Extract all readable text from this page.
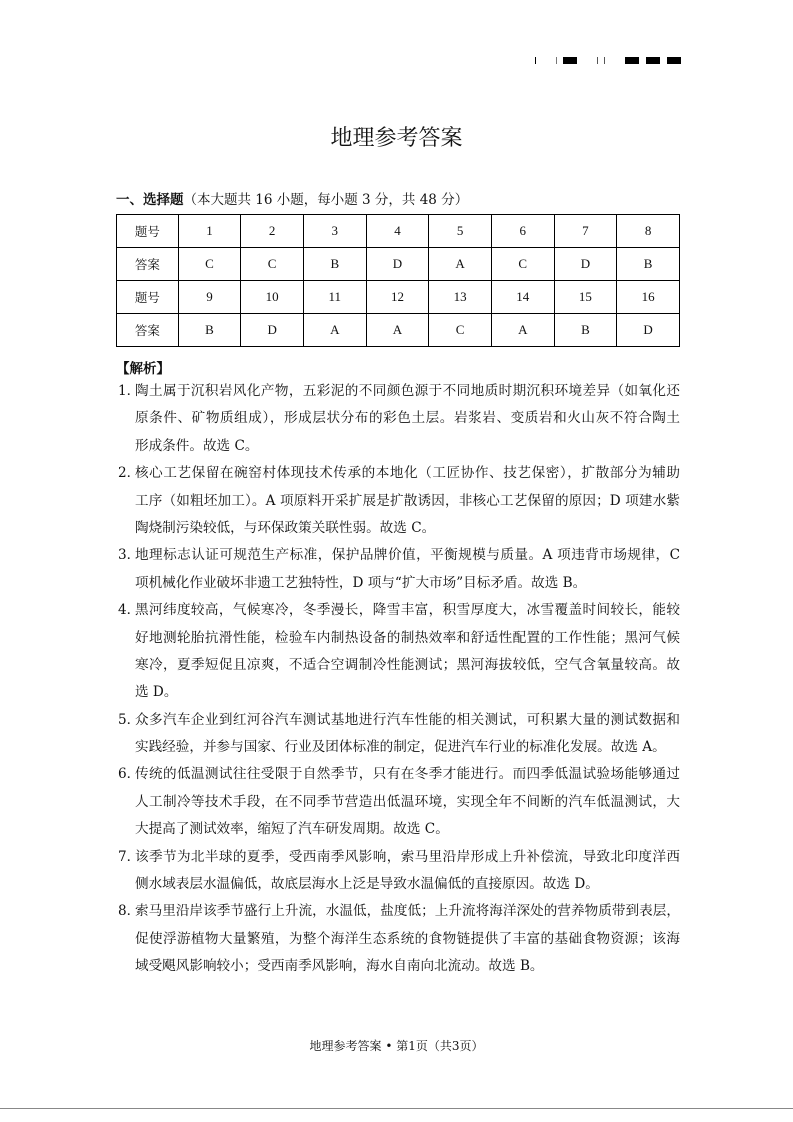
地理参考答案
一、选择题（本大题共 16 小题，每小题 3 分，共 48 分）
题号	1	2	3	4	5	6	7	8
答案	C	C	B	D	A	C	D	B
题号	9	10	11	12	13	14	15	16
答案	B	D	A	A	C	A	B	D
【解析】
1．
陶土属于沉积岩风化产物，五彩泥的不同颜色源于不同地质时期沉积环境差异（如氧化还
原条件、矿物质组成），形成层状分布的彩色土层。岩浆岩、变质岩和火山灰不符合陶土
形成条件。故选 C。
2．
核心工艺保留在碗窑村体现技术传承的本地化（工匠协作、技艺保密），扩散部分为辅助
工序（如粗坯加工）。A 项原料开采扩展是扩散诱因，非核心工艺保留的原因；D 项建水紫
陶烧制污染较低，与环保政策关联性弱。故选 C。
3．
地理标志认证可规范生产标准，保护品牌价值，平衡规模与质量。A 项违背市场规律，C
项机械化作业破坏非遗工艺独特性，D 项与“扩大市场”目标矛盾。故选 B。
4．
黑河纬度较高，气候寒冷，冬季漫长，降雪丰富，积雪厚度大，冰雪覆盖时间较长，能较
好地测轮胎抗滑性能，检验车内制热设备的制热效率和舒适性配置的工作性能；黑河气候
寒冷，夏季短促且凉爽，不适合空调制冷性能测试；黑河海拔较低，空气含氧量较高。故
选 D。
5．
众多汽车企业到红河谷汽车测试基地进行汽车性能的相关测试，可积累大量的测试数据和
实践经验，并参与国家、行业及团体标准的制定，促进汽车行业的标准化发展。故选 A。
6．
传统的低温测试往往受限于自然季节，只有在冬季才能进行。而四季低温试验场能够通过
人工制冷等技术手段，在不同季节营造出低温环境，实现全年不间断的汽车低温测试，大
大提高了测试效率，缩短了汽车研发周期。故选 C。
7．
该季节为北半球的夏季，受西南季风影响，索马里沿岸形成上升补偿流，导致北印度洋西
侧水域表层水温偏低，故底层海水上泛是导致水温偏低的直接原因。故选 D。
8．
索马里沿岸该季节盛行上升流，水温低，盐度低；上升流将海洋深处的营养物质带到表层，
促使浮游植物大量繁殖，为整个海洋生态系统的食物链提供了丰富的基础食物资源；该海
域受飓风影响较小；受西南季风影响，海水自南向北流动。故选 B。
地理参考答案 • 第1页（共3页）
